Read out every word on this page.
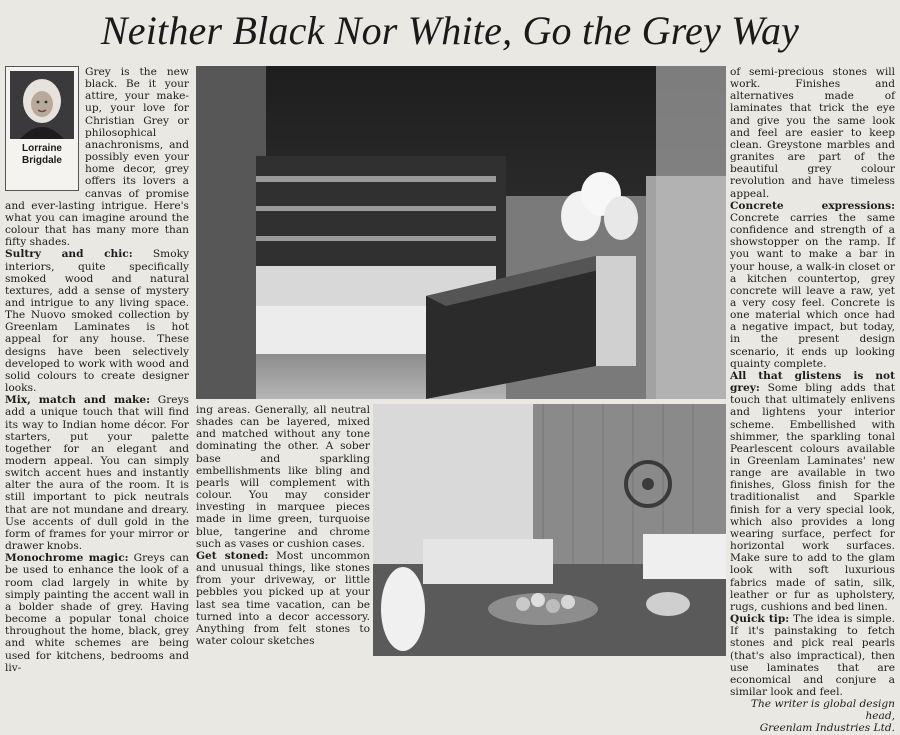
Neither Black Nor White, Go the Grey Way
Lorraine
Brigdale

Grey is the new black. Be it your attire, your make-up, your love for Christian Grey or philosophical anachronisms, and possibly even your home decor, grey offers its lovers a canvas of promise and ever-lasting intrigue. Here's what you can imagine around the colour that has many more than fifty shades.

Sultry and chic: Smoky interiors, quite specifically smoked wood and natural textures, add a sense of mystery and intrigue to any living space. The Nuovo smoked collection by Greenlam Laminates is hot appeal for any house. These designs have been selectively developed to work with wood and solid colours to create designer looks.

Mix, match and make: Greys add a unique touch that will find its way to Indian home décor. For starters, put your palette together for an elegant and modern appeal. You can simply switch accent hues and instantly alter the aura of the room. It is still important to pick neutrals that are not mundane and dreary. Use accents of dull gold in the form of frames for your mirror or drawer knobs.

Monochrome magic: Greys can be used to enhance the look of a room clad largely in white by simply painting the accent wall in a bolder shade of grey. Having become a popular tonal choice throughout the home, black, grey and white schemes are being used for kitchens, bedrooms and liv-

ing areas. Generally, all neutral shades can be layered, mixed and matched without any tone dominating the other. A sober base and sparkling embellishments like bling and pearls will complement with colour. You may consider investing in marquee pieces made in lime green, turquoise blue, tangerine and chrome such as vases or cushion cases.

Get stoned: Most uncommon and unusual things, like stones from your driveway, or little pebbles you picked up at your last sea time vacation, can be turned into a decor accessory. Anything from felt stones to water colour sketches

of semi-precious stones will work. Finishes and alternatives made of laminates that trick the eye and give you the same look and feel are easier to keep clean. Greystone marbles and granites are part of the beautiful grey colour revolution and have timeless appeal.

Concrete expressions: Concrete carries the same confidence and strength of a showstopper on the ramp. If you want to make a bar in your house, a walk-in closet or a kitchen countertop, grey concrete will leave a raw, yet a very cosy feel. Concrete is one material which once had a negative impact, but today, in the present design scenario, it ends up looking quainty complete.

All that glistens is not grey: Some bling adds that touch that ultimately enlivens and lightens your interior scheme. Embellished with shimmer, the sparkling tonal Pearlescent colours available in Greenlam Laminates' new range are available in two finishes, Gloss finish for the traditionalist and Sparkle finish for a very special look, which also provides a long wearing surface, perfect for horizontal work surfaces. Make sure to add to the glam look with soft luxurious fabrics made of satin, silk, leather or fur as upholstery, rugs, cushions and bed linen.

Quick tip: The idea is simple. If it's painstaking to fetch stones and pick real pearls (that's also impractical), then use laminates that are economical and conjure a similar look and feel.

The writer is global design head,
Greenlam Industries Ltd.
